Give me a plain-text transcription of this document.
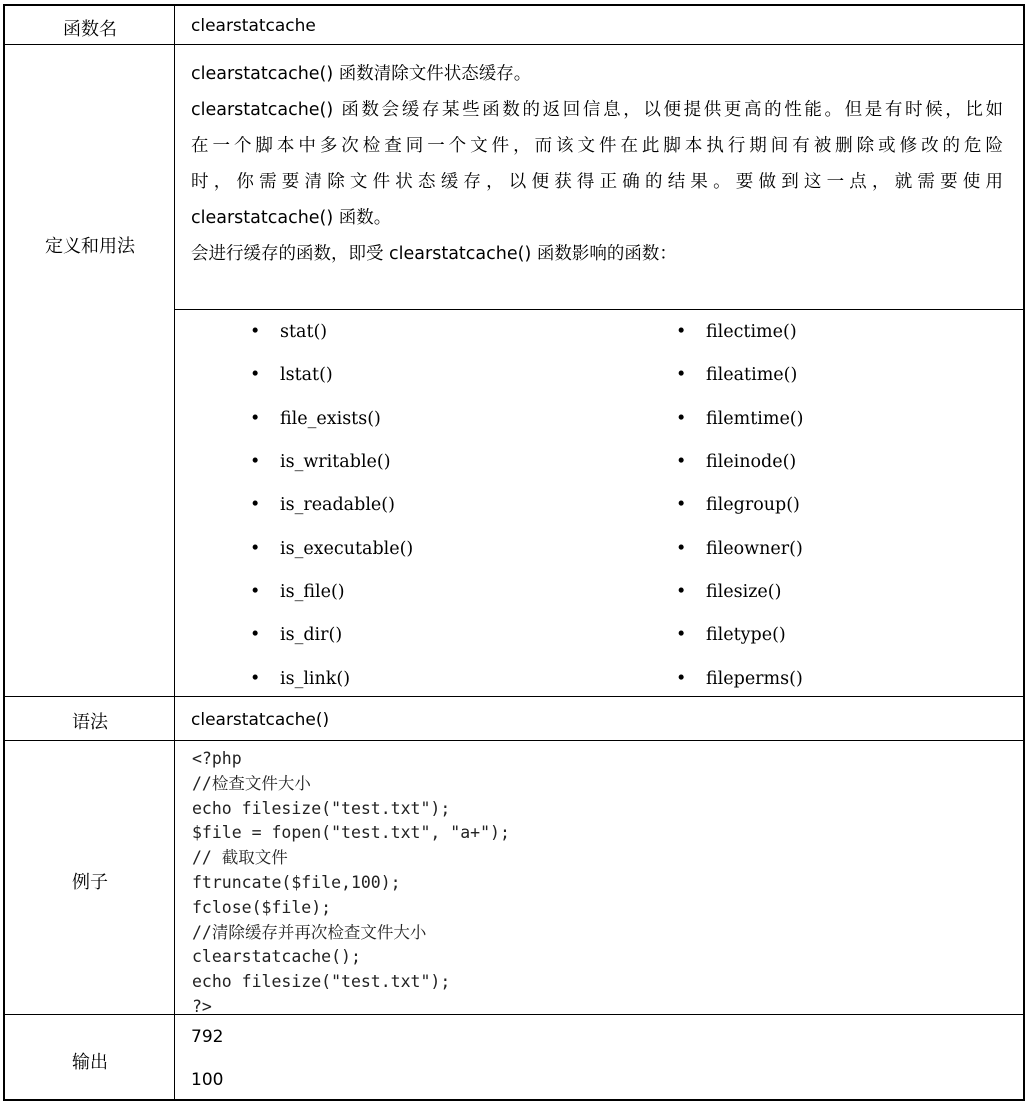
函数名	clearstatcache
定义和用法
clearstatcache() 函数清除文件状态缓存。
clearstatcache() 函数会缓存某些函数的返回信息，以便提供更高的性能。但是有时候，比如
在一个脚本中多次检查同一个文件，而该文件在此脚本执行期间有被删除或修改的危险
时，你需要清除文件状态缓存，以便获得正确的结果。要做到这一点，就需要使用
clearstatcache() 函数。
会进行缓存的函数，即受 clearstatcache() 函数影响的函数：
• stat()
• lstat()
• file_exists()
• is_writable()
• is_readable()
• is_executable()
• is_file()
• is_dir()
• is_link()
• filectime()
• fileatime()
• filemtime()
• fileinode()
• filegroup()
• fileowner()
• filesize()
• filetype()
• fileperms()
语法	clearstatcache()
例子
<?php
//检查文件大小
echo filesize("test.txt");
$file = fopen("test.txt", "a+");
// 截取文件
ftruncate($file,100);
fclose($file);
//清除缓存并再次检查文件大小
clearstatcache();
echo filesize("test.txt");
?>
输出
792
100
